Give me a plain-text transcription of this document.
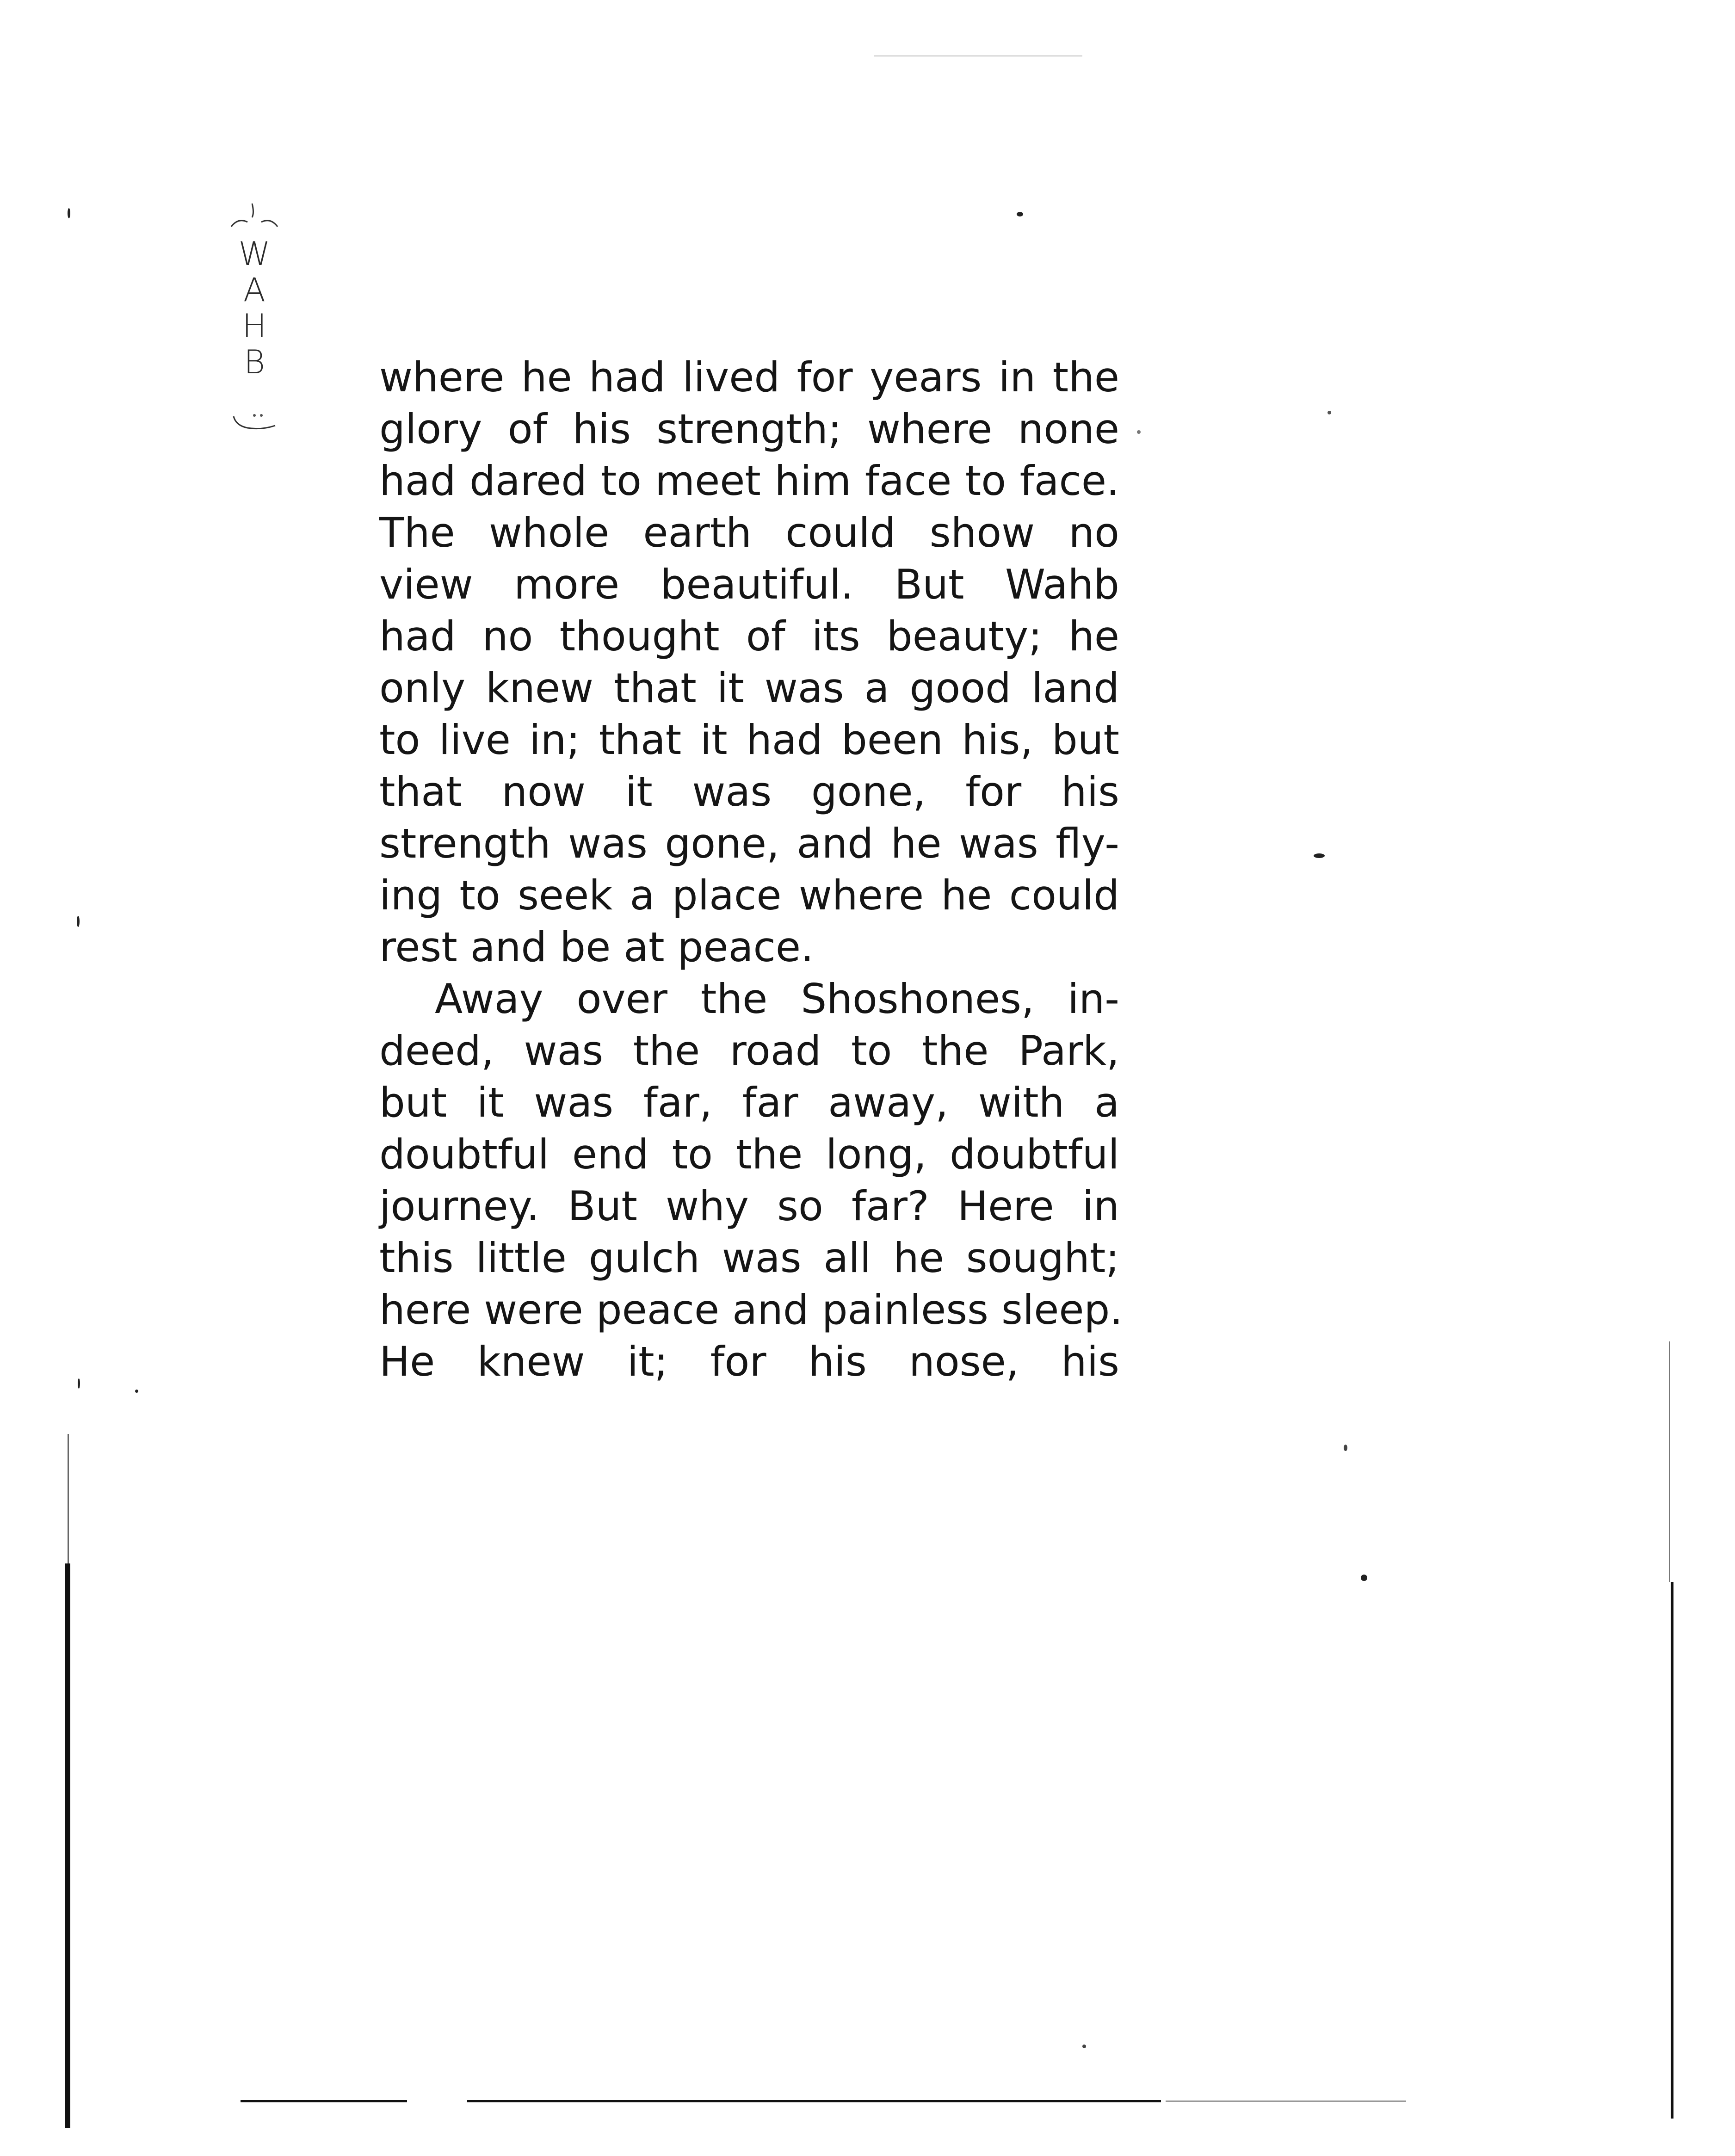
W
A
H
B	where he had lived for years in the
glory of his strength; where none
had dared to meet him face to face.
The whole earth could show no
view more beautiful. But Wahb
had no thought of its beauty; he
only knew that it was a good land
to live in; that it had been his, but
that now it was gone, for his
strength was gone, and he was fly-
ing to seek a place where he could
rest and be at peace.
Away over the Shoshones, in-
deed, was the road to the Park,
but it was far, far away, with a
doubtful end to the long, doubtful
journey. But why so far? Here in
this little gulch was all he sought;
here were peace and painless sleep.
He knew it; for his nose, his
